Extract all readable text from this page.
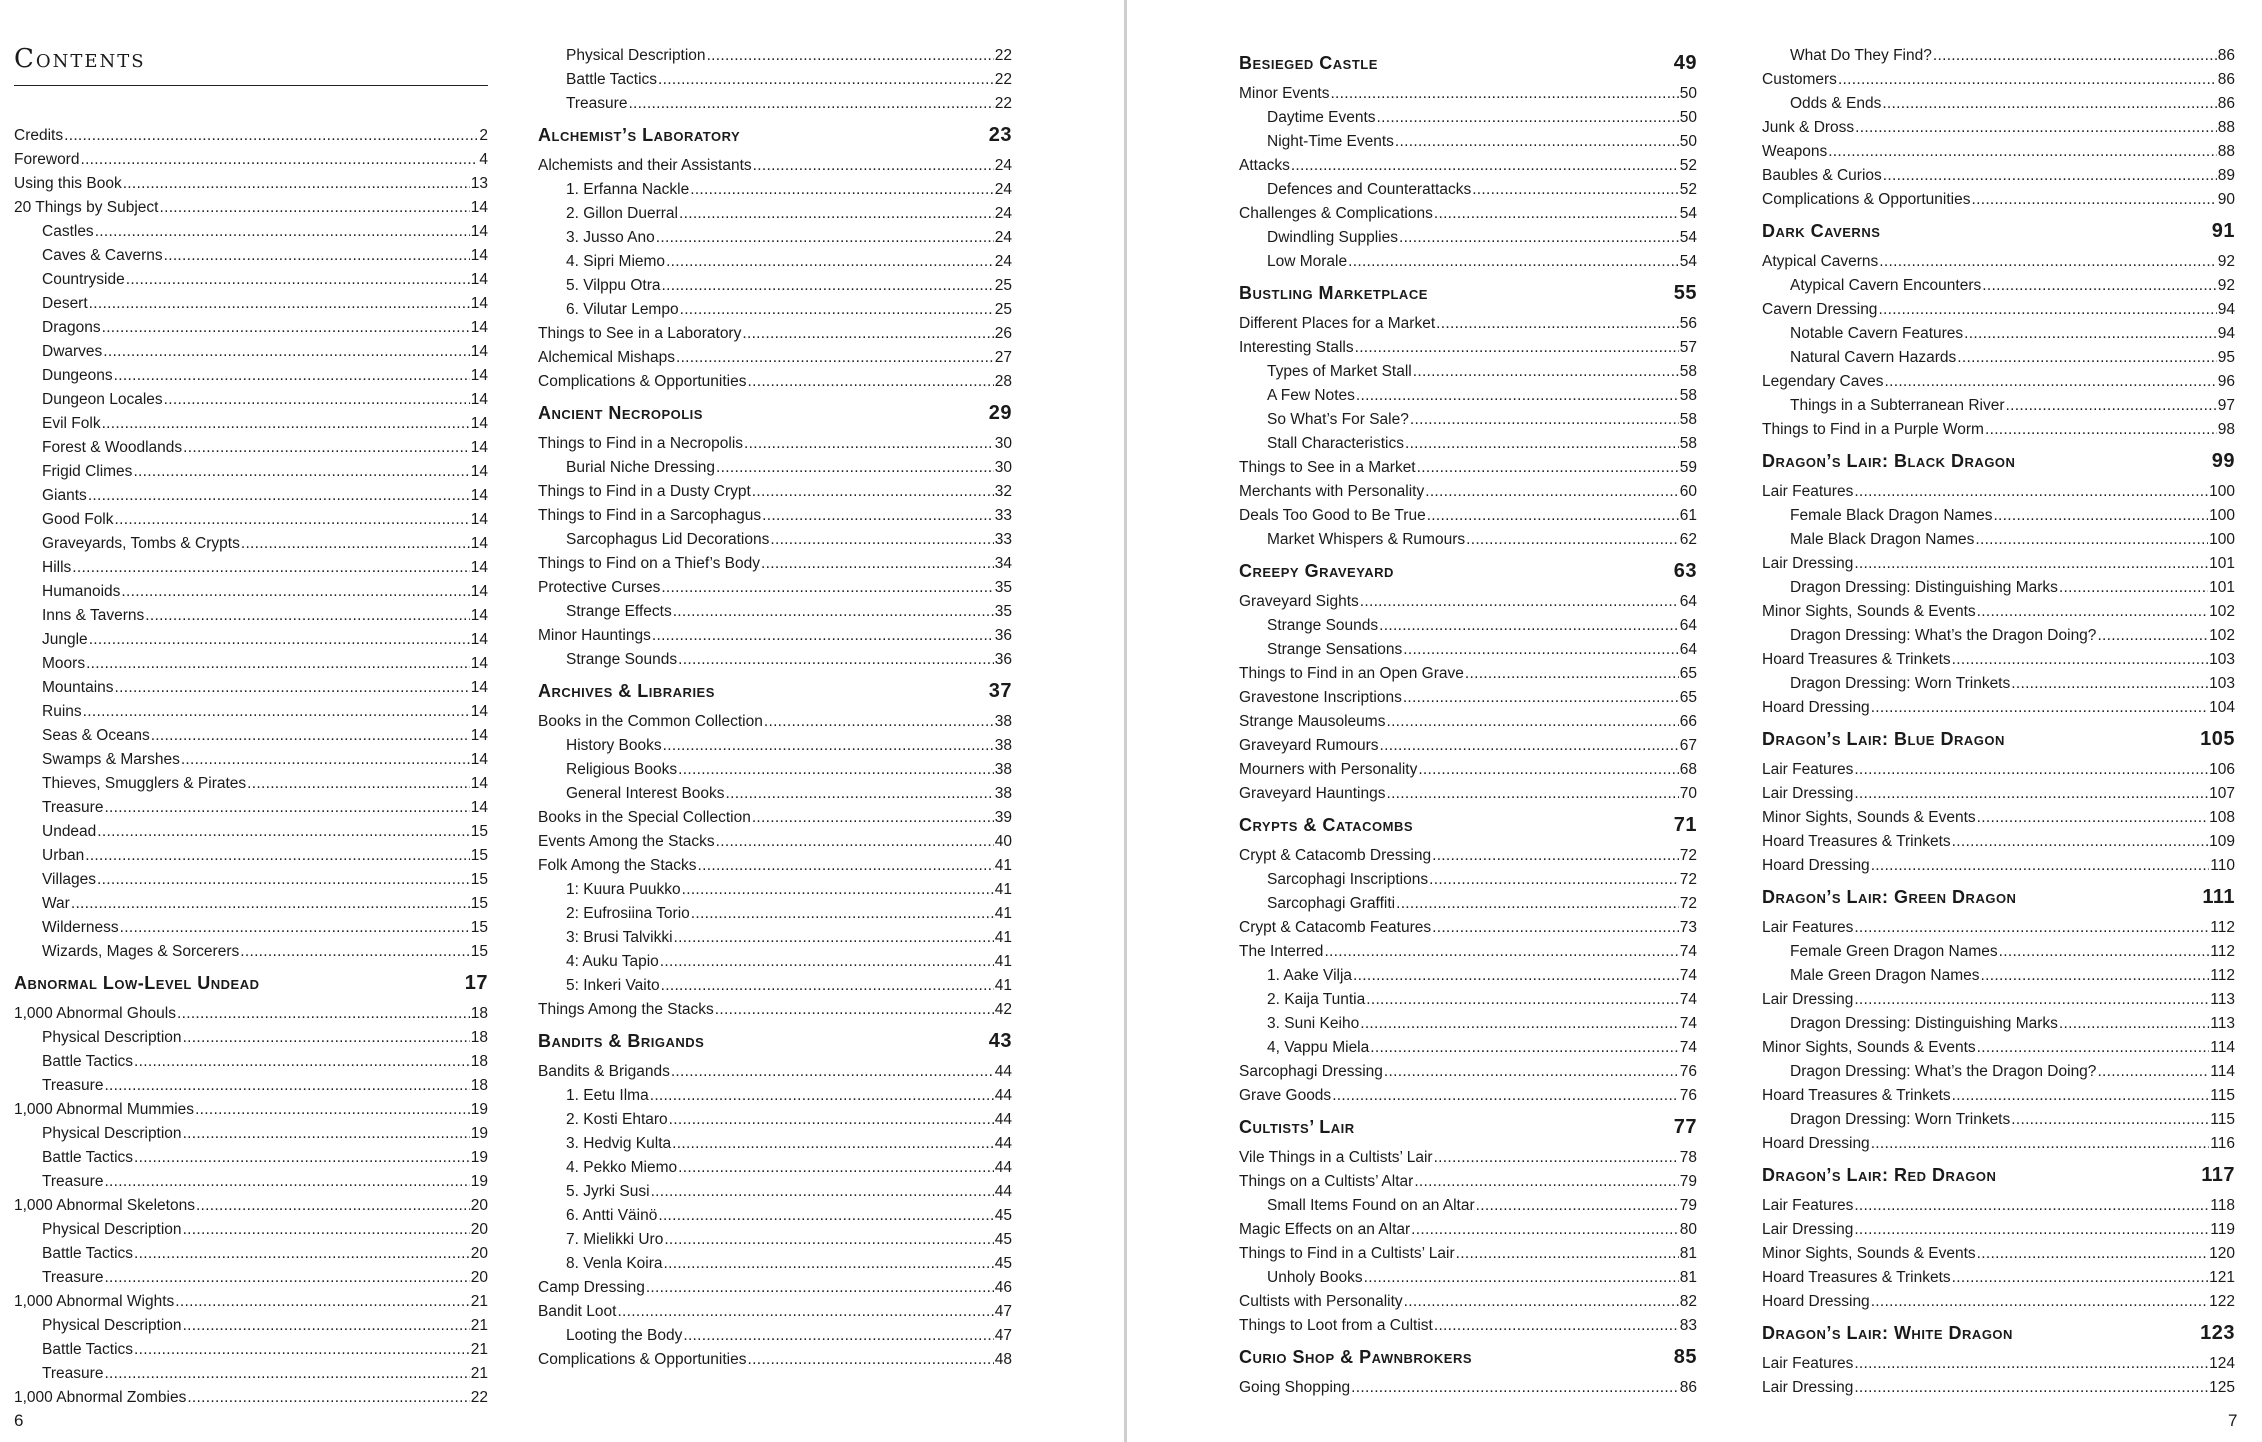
Contents
Credits .....	2
Foreword .....	4
Using this Book .....	13
20 Things by Subject .....	14
Castles .....	14
Caves & Caverns .....	14
Countryside .....	14
Desert .....	14
Dragons .....	14
Dwarves .....	14
Dungeons .....	14
Dungeon Locales .....	14
Evil Folk .....	14
Forest & Woodlands .....	14
Frigid Climes .....	14
Giants .....	14
Good Folk .....	14
Graveyards, Tombs & Crypts .....	14
Hills .....	14
Humanoids .....	14
Inns & Taverns .....	14
Jungle .....	14
Moors .....	14
Mountains .....	14
Ruins .....	14
Seas & Oceans .....	14
Swamps & Marshes .....	14
Thieves, Smugglers & Pirates .....	14
Treasure .....	14
Undead .....	15
Urban .....	15
Villages .....	15
War .....	15
Wilderness .....	15
Wizards, Mages & Sorcerers .....	15
Abnormal Low-Level Undead	17
1,000 Abnormal Ghouls .....	18
Physical Description .....	18
Battle Tactics .....	18
Treasure .....	18
1,000 Abnormal Mummies .....	19
Physical Description .....	19
Battle Tactics .....	19
Treasure .....	19
1,000 Abnormal Skeletons .....	20
Physical Description .....	20
Battle Tactics .....	20
Treasure .....	20
1,000 Abnormal Wights .....	21
Physical Description .....	21
Battle Tactics .....	21
Treasure .....	21
1,000 Abnormal Zombies .....	22
Physical Description .....	22
Battle Tactics .....	22
Treasure .....	22
Alchemist’s Laboratory	23
Alchemists and their Assistants .....	24
1. Erfanna Nackle .....	24
2. Gillon Duerral .....	24
3. Jusso Ano .....	24
4. Sipri Miemo .....	24
5. Vilppu Otra .....	25
6. Vilutar Lempo .....	25
Things to See in a Laboratory .....	26
Alchemical Mishaps .....	27
Complications & Opportunities .....	28
Ancient Necropolis	29
Things to Find in a Necropolis .....	30
Burial Niche Dressing .....	30
Things to Find in a Dusty Crypt .....	32
Things to Find in a Sarcophagus .....	33
Sarcophagus Lid Decorations .....	33
Things to Find on a Thief’s Body .....	34
Protective Curses .....	35
Strange Effects .....	35
Minor Hauntings .....	36
Strange Sounds .....	36
Archives & Libraries	37
Books in the Common Collection .....	38
History Books .....	38
Religious Books .....	38
General Interest Books .....	38
Books in the Special Collection .....	39
Events Among the Stacks .....	40
Folk Among the Stacks .....	41
1: Kuura Puukko .....	41
2: Eufrosiina Torio .....	41
3: Brusi Talvikki .....	41
4: Auku Tapio .....	41
5: Inkeri Vaito .....	41
Things Among the Stacks .....	42
Bandits & Brigands	43
Bandits & Brigands .....	44
1. Eetu Ilma .....	44
2. Kosti Ehtaro .....	44
3. Hedvig Kulta .....	44
4. Pekko Miemo .....	44
5. Jyrki Susi .....	44
6. Antti Väinö .....	45
7. Mielikki Uro .....	45
8. Venla Koira .....	45
Camp Dressing .....	46
Bandit Loot .....	47
Looting the Body .....	47
Complications & Opportunities .....	48
Besieged Castle	49
Minor Events .....	50
Daytime Events .....	50
Night-Time Events .....	50
Attacks .....	52
Defences and Counterattacks .....	52
Challenges & Complications .....	54
Dwindling Supplies .....	54
Low Morale .....	54
Bustling Marketplace	55
Different Places for a Market .....	56
Interesting Stalls .....	57
Types of Market Stall .....	58
A Few Notes .....	58
So What’s For Sale? .....	58
Stall Characteristics .....	58
Things to See in a Market .....	59
Merchants with Personality .....	60
Deals Too Good to Be True .....	61
Market Whispers & Rumours .....	62
Creepy Graveyard	63
Graveyard Sights .....	64
Strange Sounds .....	64
Strange Sensations .....	64
Things to Find in an Open Grave .....	65
Gravestone Inscriptions .....	65
Strange Mausoleums .....	66
Graveyard Rumours .....	67
Mourners with Personality .....	68
Graveyard Hauntings .....	70
Crypts & Catacombs	71
Crypt & Catacomb Dressing .....	72
Sarcophagi Inscriptions .....	72
Sarcophagi Graffiti .....	72
Crypt & Catacomb Features .....	73
The Interred .....	74
1. Aake Vilja .....	74
2. Kaija Tuntia .....	74
3. Suni Keiho .....	74
4, Vappu Miela .....	74
Sarcophagi Dressing .....	76
Grave Goods .....	76
Cultists’ Lair	77
Vile Things in a Cultists’ Lair .....	78
Things on a Cultists’ Altar .....	79
Small Items Found on an Altar .....	79
Magic Effects on an Altar .....	80
Things to Find in a Cultists’ Lair .....	81
Unholy Books .....	81
Cultists with Personality .....	82
Things to Loot from a Cultist .....	83
Curio Shop & Pawnbrokers	85
Going Shopping .....	86
What Do They Find? .....	86
Customers .....	86
Odds & Ends .....	86
Junk & Dross .....	88
Weapons .....	88
Baubles & Curios .....	89
Complications & Opportunities .....	90
Dark Caverns	91
Atypical Caverns .....	92
Atypical Cavern Encounters .....	92
Cavern Dressing .....	94
Notable Cavern Features .....	94
Natural Cavern Hazards .....	95
Legendary Caves .....	96
Things in a Subterranean River .....	97
Things to Find in a Purple Worm .....	98
Dragon’s Lair: Black Dragon	99
Lair Features .....	100
Female Black Dragon Names .....	100
Male Black Dragon Names .....	100
Lair Dressing .....	101
Dragon Dressing: Distinguishing Marks .....	101
Minor Sights, Sounds & Events .....	102
Dragon Dressing: What’s the Dragon Doing? .....	102
Hoard Treasures & Trinkets .....	103
Dragon Dressing: Worn Trinkets .....	103
Hoard Dressing .....	104
Dragon’s Lair: Blue Dragon	105
Lair Features .....	106
Lair Dressing .....	107
Minor Sights, Sounds & Events .....	108
Hoard Treasures & Trinkets .....	109
Hoard Dressing .....	110
Dragon’s Lair: Green Dragon	111
Lair Features .....	112
Female Green Dragon Names .....	112
Male Green Dragon Names .....	112
Lair Dressing .....	113
Dragon Dressing: Distinguishing Marks .....	113
Minor Sights, Sounds & Events .....	114
Dragon Dressing: What’s the Dragon Doing? .....	114
Hoard Treasures & Trinkets .....	115
Dragon Dressing: Worn Trinkets .....	115
Hoard Dressing .....	116
Dragon’s Lair: Red Dragon	117
Lair Features .....	118
Lair Dressing .....	119
Minor Sights, Sounds & Events .....	120
Hoard Treasures & Trinkets .....	121
Hoard Dressing .....	122
Dragon’s Lair: White Dragon	123
Lair Features .....	124
Lair Dressing .....	125
6	7
